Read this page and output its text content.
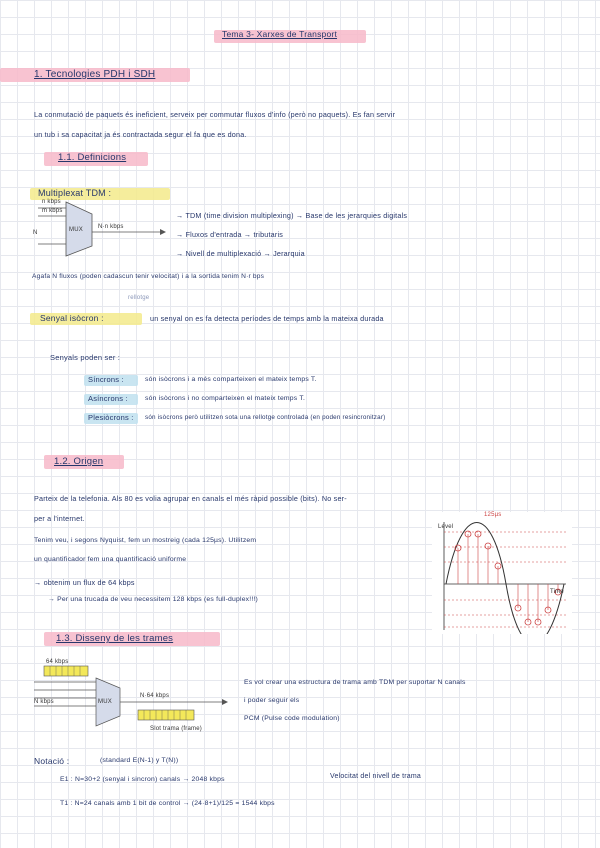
Tema 3- Xarxes de Transport
1. Tecnologies PDH i SDH
La conmutació de paquets és ineficient, serveix per commutar fluxos d'info (però no paquets). Es fan servir
un tub i sa capacitat ja és contractada segur el fa que es dona.
1.1. Definicions
Multiplexat TDM :
n kbps
m kbps
N	MUX	N·n kbps
→ TDM (time division multiplexing) → Base de les jerarquies digitals
→ Fluxos d'entrada → tributaris
→ Nivell de multiplexació → Jerarquia
Agafa N fluxos (poden cadascun tenir velocitat) i a la sortida tenim N·r bps
rellotge
Senyal isòcron :	un senyal on es fa detecta períodes de temps amb la mateixa durada
Senyals poden ser :
Síncrons :	són isòcrons i a més comparteixen el mateix temps T.
Asíncrons :	són isòcrons i no comparteixen el mateix temps T.
Plesiòcrons : són isòcrons però utilitzen sota una rellotge controlada (en poden resincronitzar)
1.2. Origen
Parteix de la telefonia. Als 80 es volia agrupar en canals el més ràpid possible (bits). No ser-
per a l'internet.
Tenim veu, i segons Nyquist, fem un mostreig (cada 125µs). Utilitzem
un quantificador fem una quantificació uniforme
→ obtenim un flux de 64 kbps
→ Per una trucada de veu necessitem 128 kbps (es full-duplex!!!)
125µs
Level
Time
1.3. Disseny de les trames
64 kbps
N kbps	MUX
N·64 kbps
Slot trama (frame)
Es vol crear una estructura de trama amb TDM per suportar N canals
i poder seguir els
PCM (Pulse code modulation)
Notació :	(standard E(N-1) y T(N))
E1 : N=30+2 (senyal i sincron) canals → 2048 kbps	Velocitat del nivell de trama
T1 : N=24 canals amb 1 bit de control → (24·8+1)/125 = 1544 kbps
